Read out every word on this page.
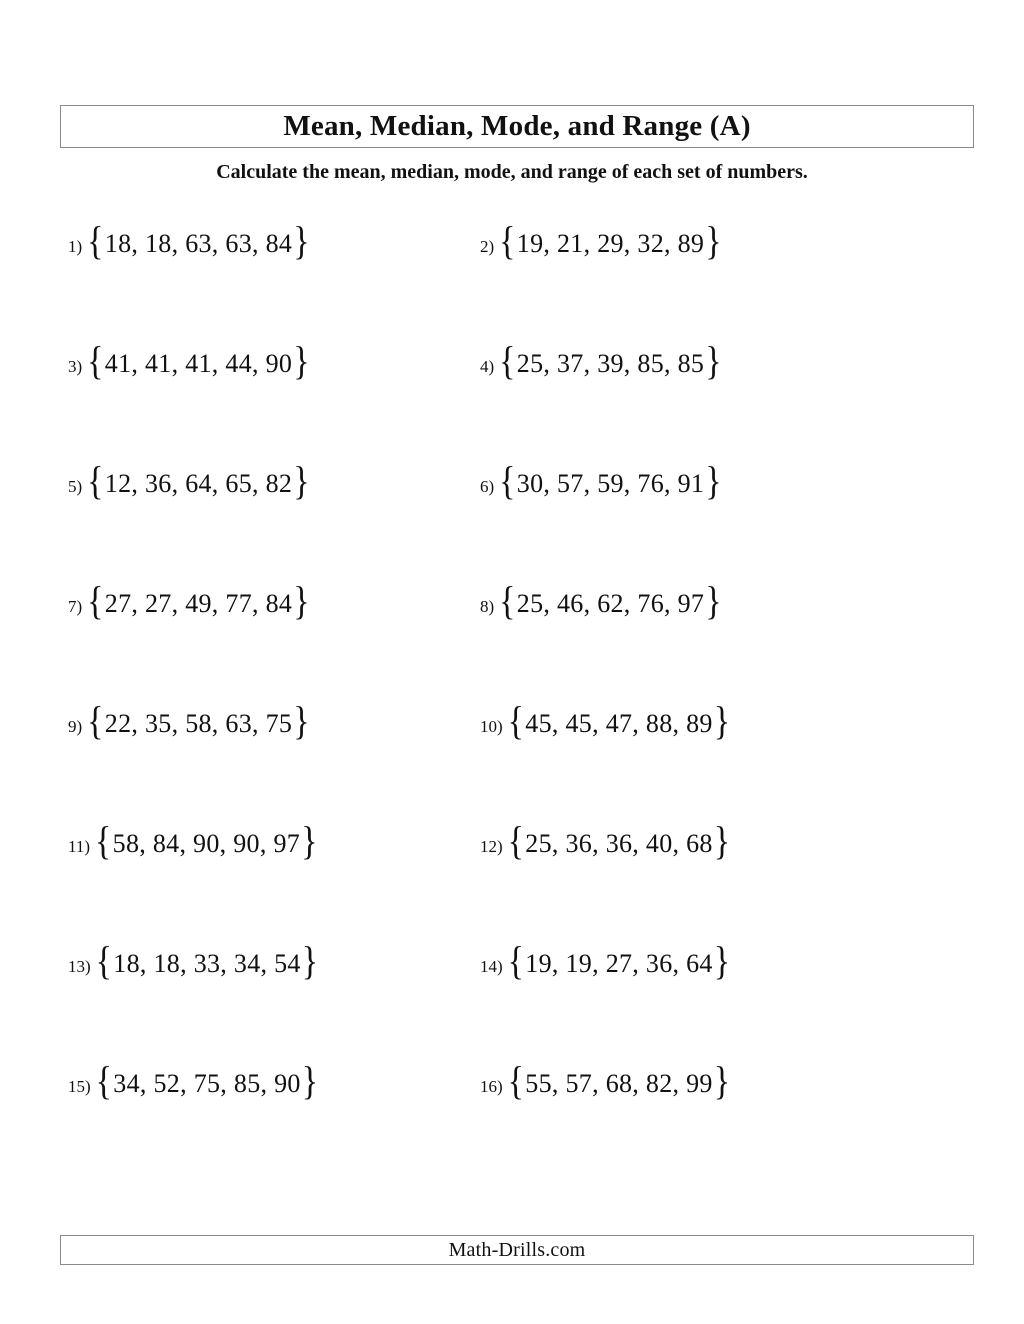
Mean, Median, Mode, and Range (A)
Calculate the mean, median, mode, and range of each set of numbers.
1) { 18, 18, 63, 63, 84 }	2) { 19, 21, 29, 32, 89 }
3) { 41, 41, 41, 44, 90 }	4) { 25, 37, 39, 85, 85 }
5) { 12, 36, 64, 65, 82 }	6) { 30, 57, 59, 76, 91 }
7) { 27, 27, 49, 77, 84 }	8) { 25, 46, 62, 76, 97 }
9) { 22, 35, 58, 63, 75 }	10) { 45, 45, 47, 88, 89 }
11) { 58, 84, 90, 90, 97 }	12) { 25, 36, 36, 40, 68 }
13) { 18, 18, 33, 34, 54 }	14) { 19, 19, 27, 36, 64 }
15) { 34, 52, 75, 85, 90 }	16) { 55, 57, 68, 82, 99 }
Math-Drills.com
